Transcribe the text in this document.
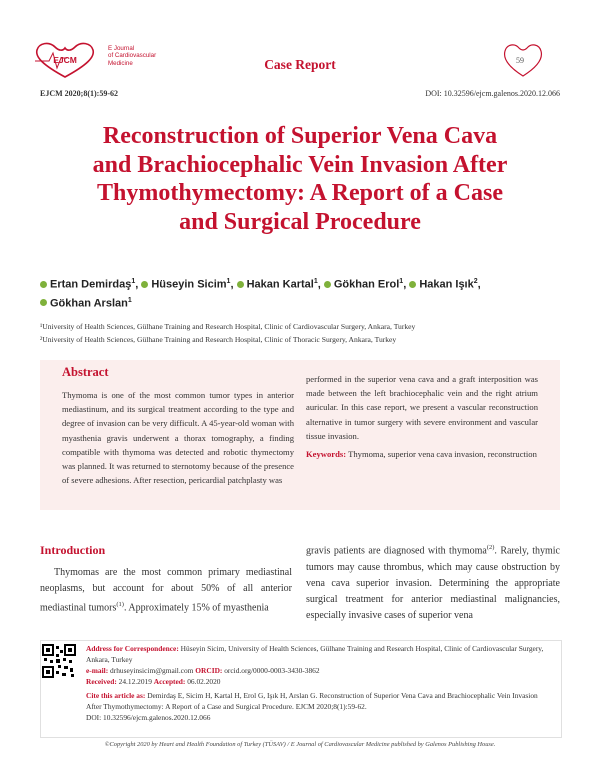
EJCM
E Journal
of Cardiovascular
Medicine	Case Report	59
EJCM 2020;8(1):59-62	DOI: 10.32596/ejcm.galenos.2020.12.066
Reconstruction of Superior Vena Cava
and Brachiocephalic Vein Invasion After
Thymothymectomy: A Report of a Case
and Surgical Procedure
Ertan Demirdaş$^1$, Hüseyin Sicim$^1$, Hakan Kartal$^1$, Gökhan Erol$^1$, Hakan Işık$^2$,
Gökhan Arslan$^1$
¹University of Health Sciences, Gülhane Training and Research Hospital, Clinic of Cardiovascular Surgery, Ankara, Turkey
²University of Health Sciences, Gülhane Training and Research Hospital, Clinic of Thoracic Surgery, Ankara, Turkey
Abstract
Thymoma is one of the most common tumor types in anterior mediastinum, and its surgical treatment according to the type and degree of invasion can be very difficult. A 45-year-old woman with myasthenia gravis underwent a thorax tomography, a finding compatible with thymoma was detected and robotic thymectomy was planned. It was returned to sternotomy because of the presence of severe adhesions. After resection, pericardial patchplasty was
performed in the superior vena cava and a graft interposition was made between the left brachiocephalic vein and the right atrium auricular. In this case report, we present a vascular reconstruction alternative in tumor surgery with severe environment and vascular tissue invasion.
Keywords: Thymoma, superior vena cava invasion, reconstruction
Introduction
Thymomas are the most common primary mediastinal neoplasms, but account for about 50% of all anterior mediastinal tumors$^{(1)}$. Approximately 15% of myasthenia
gravis patients are diagnosed with thymoma$^{(2)}$. Rarely, thymic tumors may cause thrombus, which may cause obstruction by vena cava superior invasion. Determining the appropriate surgical treatment for anterior mediastinal malignancies, especially invasive cases of superior vena
Address for Correspondence: Hüseyin Sicim, University of Health Sciences, Gülhane Training and Research Hospital, Clinic of Cardiovascular Surgery, Ankara, Turkey
e-mail: drhuseyinsicim@gmail.com ORCID: orcid.org/0000-0003-3430-3862
Received: 24.12.2019 Accepted: 06.02.2020
Cite this article as: Demirdaş E, Sicim H, Kartal H, Erol G, Işık H, Arslan G. Reconstruction of Superior Vena Cava and Brachiocephalic Vein Invasion After Thymothymectomy: A Report of a Case and Surgical Procedure. EJCM 2020;8(1):59-62.
DOI: 10.32596/ejcm.galenos.2020.12.066
©Copyright 2020 by Heart and Health Foundation of Turkey (TÜSAV) / E Journal of Cardiovascular Medicine published by Galenos Publishing House.
